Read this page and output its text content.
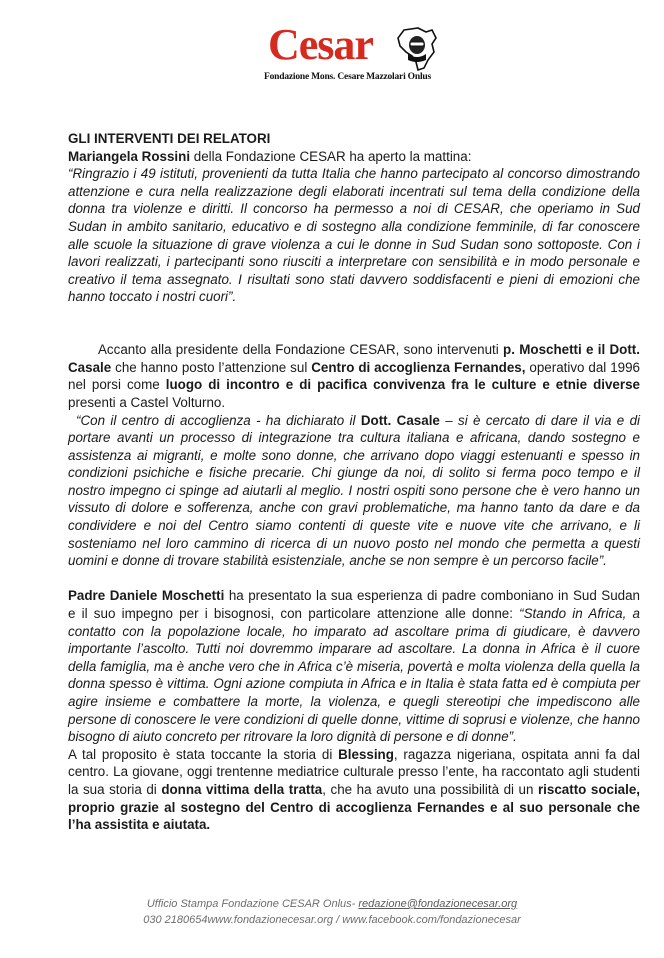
Cesar
Fondazione Mons. Cesare Mazzolari Onlus

GLI INTERVENTI DEI RELATORI

Mariangela Rossini della Fondazione CESAR ha aperto la mattina:

“Ringrazio i 49 istituti, provenienti da tutta Italia che hanno partecipato al concorso dimostrando attenzione e cura nella realizzazione degli elaborati incentrati sul tema della condizione della donna tra violenze e diritti. Il concorso ha permesso a noi di CESAR, che operiamo in Sud Sudan in ambito sanitario, educativo e di sostegno alla condizione femminile, di far conoscere alle scuole la situazione di grave violenza a cui le donne in Sud Sudan sono sottoposte. Con i lavori realizzati, i partecipanti sono riusciti a interpretare con sensibilità e in modo personale e creativo il tema assegnato. I risultati sono stati davvero soddisfacenti e pieni di emozioni che hanno toccato i nostri cuori”.

Accanto alla presidente della Fondazione CESAR, sono intervenuti p. Moschetti e il Dott. Casale che hanno posto l’attenzione sul Centro di accoglienza Fernandes, operativo dal 1996 nel porsi come luogo di incontro e di pacifica convivenza fra le culture e etnie diverse presenti a Castel Volturno.

“Con il centro di accoglienza - ha dichiarato il Dott. Casale – si è cercato di dare il via e di portare avanti un processo di integrazione tra cultura italiana e africana, dando sostegno e assistenza ai migranti, e molte sono donne, che arrivano dopo viaggi estenuanti e spesso in condizioni psichiche e fisiche precarie. Chi giunge da noi, di solito si ferma poco tempo e il nostro impegno ci spinge ad aiutarli al meglio. I nostri ospiti sono persone che è vero hanno un vissuto di dolore e sofferenza, anche con gravi problematiche, ma hanno tanto da dare e da condividere e noi del Centro siamo contenti di queste vite e nuove vite che arrivano, e li sosteniamo nel loro cammino di ricerca di un nuovo posto nel mondo che permetta a questi uomini e donne di trovare stabilità esistenziale, anche se non sempre è un percorso facile”.

Padre Daniele Moschetti ha presentato la sua esperienza di padre comboniano in Sud Sudan e il suo impegno per i bisognosi, con particolare attenzione alle donne: “Stando in Africa, a contatto con la popolazione locale, ho imparato ad ascoltare prima di giudicare, è davvero importante l’ascolto. Tutti noi dovremmo imparare ad ascoltare. La donna in Africa è il cuore della famiglia, ma è anche vero che in Africa c’è miseria, povertà e molta violenza della quella la donna spesso è vittima. Ogni azione compiuta in Africa e in Italia è stata fatta ed è compiuta per agire insieme e combattere la morte, la violenza, e quegli stereotipi che impediscono alle persone di conoscere le vere condizioni di quelle donne, vittime di soprusi e violenze, che hanno bisogno di aiuto concreto per ritrovare la loro dignità di persone e di donne”.

A tal proposito è stata toccante la storia di Blessing, ragazza nigeriana, ospitata anni fa dal centro. La giovane, oggi trentenne mediatrice culturale presso l’ente, ha raccontato agli studenti la sua storia di donna vittima della tratta, che ha avuto una possibilità di un riscatto sociale, proprio grazie al sostegno del Centro di accoglienza Fernandes e al suo personale che l’ha assistita e aiutata.

Ufficio Stampa Fondazione CESAR Onlus- redazione@fondazionecesar.org
030 2180654www.fondazionecesar.org / www.facebook.com/fondazionecesar
